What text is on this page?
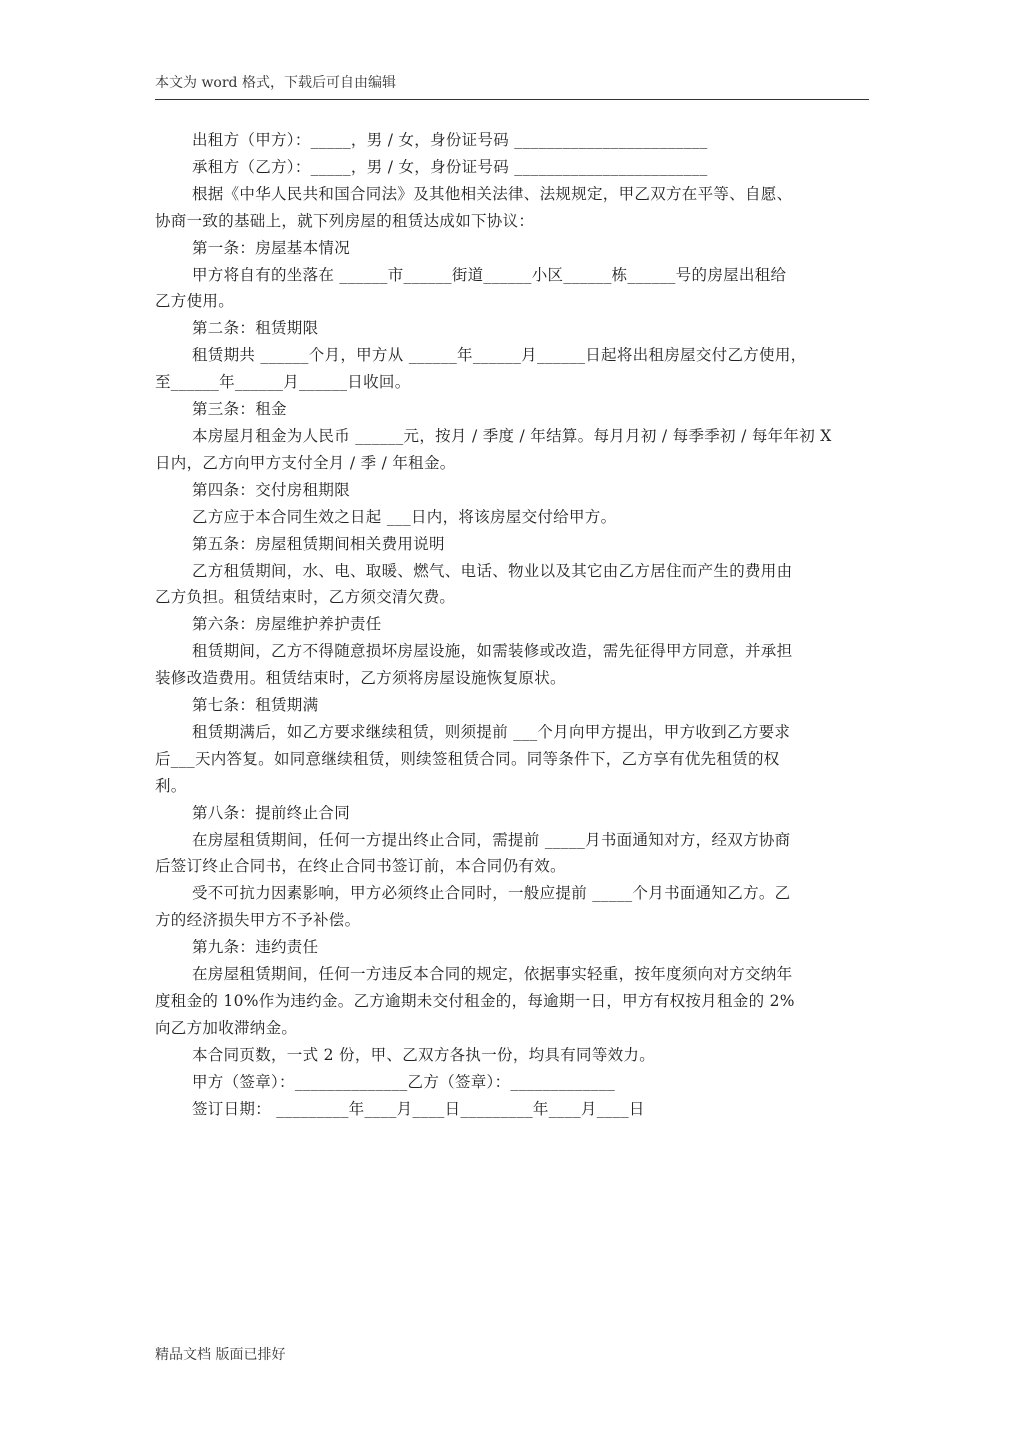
本文为 word 格式，下载后可自由编辑

出租方（甲方）：_____，男 / 女，身份证号码 ________________________

承租方（乙方）：_____，男 / 女，身份证号码 ________________________

根据《中华人民共和国合同法》及其他相关法律、法规规定，甲乙双方在平等、自愿、

协商一致的基础上，就下列房屋的租赁达成如下协议：

第一条：房屋基本情况

甲方将自有的坐落在 ______市______街道______小区______栋______号的房屋出租给

乙方使用。

第二条：租赁期限

租赁期共 ______个月，甲方从 ______年______月______日起将出租房屋交付乙方使用，

至______年______月______日收回。

第三条：租金

本房屋月租金为人民币 ______元，按月 / 季度 / 年结算。每月月初 / 每季季初 / 每年年初 X

日内，乙方向甲方支付全月 / 季 / 年租金。

第四条：交付房租期限

乙方应于本合同生效之日起 ___日内，将该房屋交付给甲方。

第五条：房屋租赁期间相关费用说明

乙方租赁期间，水、电、取暖、燃气、电话、物业以及其它由乙方居住而产生的费用由

乙方负担。租赁结束时，乙方须交清欠费。

第六条：房屋维护养护责任

租赁期间，乙方不得随意损坏房屋设施，如需装修或改造，需先征得甲方同意，并承担

装修改造费用。租赁结束时，乙方须将房屋设施恢复原状。

第七条：租赁期满

租赁期满后，如乙方要求继续租赁，则须提前 ___个月向甲方提出，甲方收到乙方要求

后___天内答复。如同意继续租赁，则续签租赁合同。同等条件下，乙方享有优先租赁的权

利。

第八条：提前终止合同

在房屋租赁期间，任何一方提出终止合同，需提前 _____月书面通知对方，经双方协商

后签订终止合同书，在终止合同书签订前，本合同仍有效。

受不可抗力因素影响，甲方必须终止合同时，一般应提前 _____个月书面通知乙方。乙

方的经济损失甲方不予补偿。

第九条：违约责任

在房屋租赁期间，任何一方违反本合同的规定，依据事实轻重，按年度须向对方交纳年

度租金的 10%作为违约金。乙方逾期未交付租金的，每逾期一日，甲方有权按月租金的 2%

向乙方加收滞纳金。

本合同页数，一式 2 份，甲、乙双方各执一份，均具有同等效力。

甲方（签章）：______________乙方（签章）：_____________

签订日期： _________年____月____日_________年____月____日

精品文档 版面已排好
